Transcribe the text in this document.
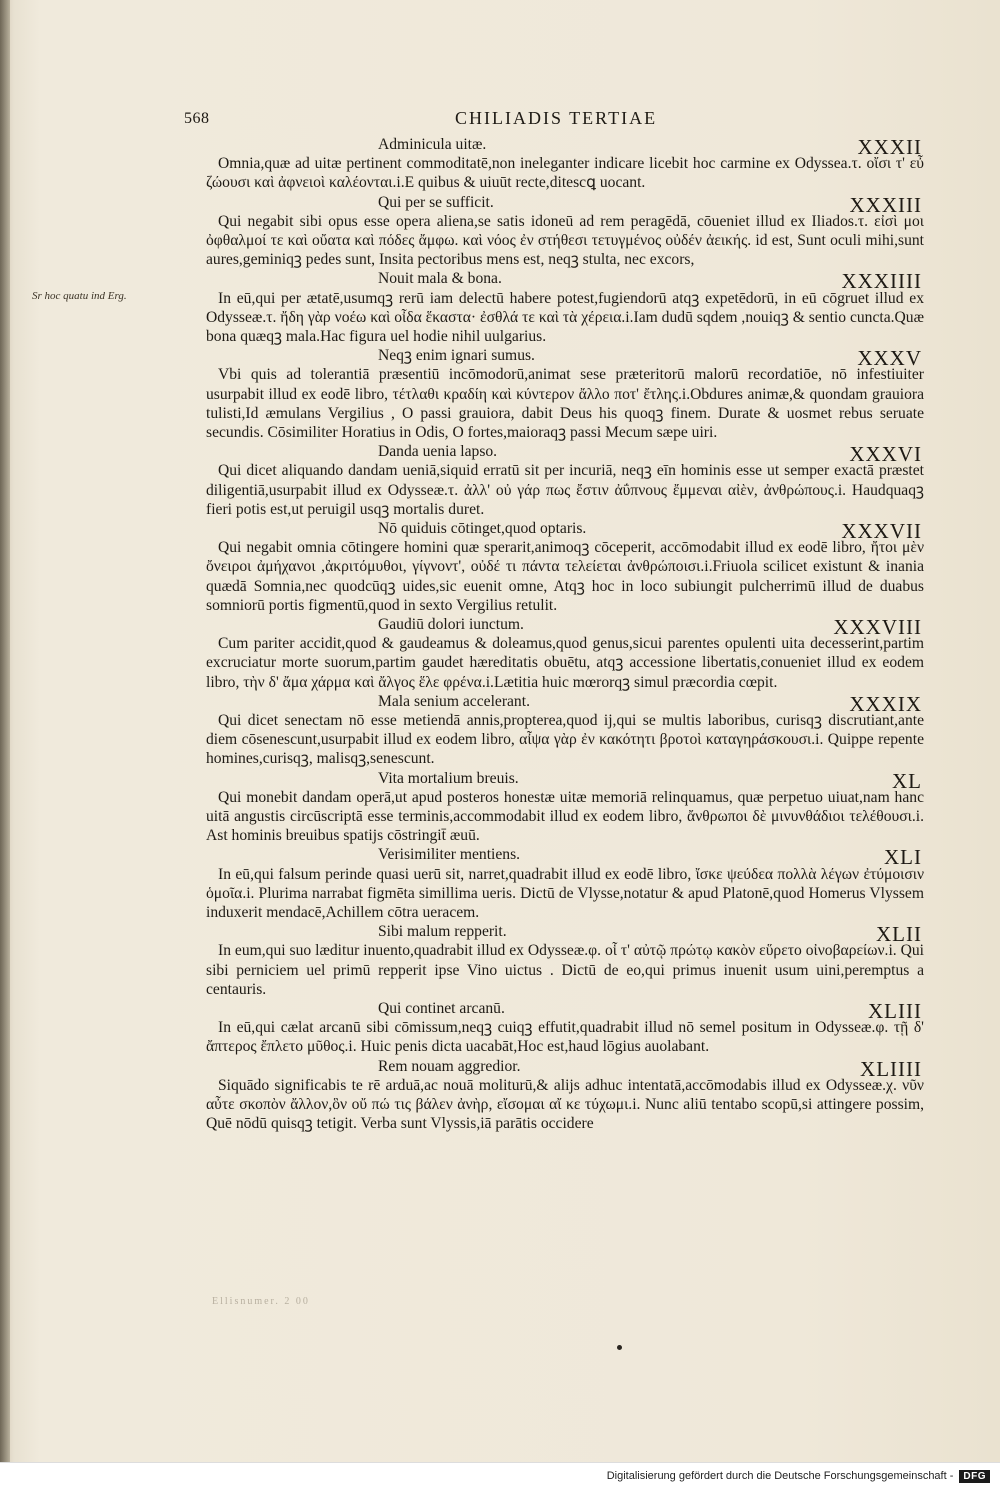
568	CHILIADIS TERTIAE
Sr hoc quatu ind Erg.
Adminicula uitæ.	XXXII
Omnia,quæ ad uitæ pertinent commoditatē,non ineleganter indicare licebit hoc carmine ex Odyssea.τ. οἴσι τ' εὖ ζώουσι καὶ ἀφνειοὶ καλέονται.i.E quibus & uiuūt recte,ditescꝗ uocant.
Qui per se sufficit.	XXXIII
Qui negabit sibi opus esse opera aliena,se satis idoneū ad rem peragēdā, cōueniet illud ex Iliados.τ. εἰσὶ μοι ὀφθαλμοί τε καὶ οὔατα καὶ πόδες ἄμφω. καὶ νόος ἐν στήθεσι τετυγμένος οὐδέν ἀεικής. id est, Sunt oculi mihi,sunt aures,geminiqꝫ pedes sunt, Insita pectoribus mens est, neqꝫ stulta, nec excors,
Nouit mala & bona.	XXXIIII
In eū,qui per ætatē,usumqꝫ rerū iam delectū habere potest,fugiendorū atqꝫ expetēdorū, in eū cōgruet illud ex Odysseæ.τ. ἤδη γὰρ νοέω καὶ οἶδα ἕκαστα· ἐσθλά τε καὶ τὰ χέρεια.i.Iam dudū sqdem ,nouiqꝫ & sentio cuncta.Quæ bona quæqꝫ mala.Hac figura uel hodie nihil uulgarius.
Neqꝫ enim ignari sumus.	XXXV
Vbi quis ad tolerantiā præsentiū incōmodorū,animat sese præteritorū malorū recordatiōe, nō infestiuiter usurpabit illud ex eodē libro, τέτλαθι κραδίη καὶ κύντερον ἄλλο ποτ' ἔτλης.i.Obdures animæ,& quondam grauiora tulisti,Id æmulans Vergilius , O passi grauiora, dabit Deus his quoqꝫ finem. Durate & uosmet rebus seruate secundis. Cōsimiliter Horatius in Odis, O fortes,maioraqꝫ passi Mecum sæpe uiri.
Danda uenia lapso.	XXXVI
Qui dicet aliquando dandam ueniā,siquid erratū sit per incuriā, neqꝫ eīn hominis esse ut semper exactā præstet diligentiā,usurpabit illud ex Odysseæ.τ. ἀλλ' οὐ γάρ πως ἔστιν ἀΰπνους ἔμμεναι αἰὲν, ἀνθρώπους.i. Haudquaqꝫ fieri potis est,ut peruigil usqꝫ mortalis duret.
Nō quiduis cōtinget,quod optaris.	XXXVII
Qui negabit omnia cōtingere homini quæ sperarit,animoqꝫ cōceperit, accōmodabit illud ex eodē libro, ἤτοι μὲν ὄνειροι ἀμήχανοι ,ἀκριτόμυθοι, γίγνοντ', οὐδέ τι πάντα τελείεται ἀνθρώποισι.i.Friuola scilicet existunt & inania quædā Somnia,nec quodcūqꝫ uides,sic euenit omne, Atqꝫ hoc in loco subiungit pulcherrimū illud de duabus somniorū portis figmentū,quod in sexto Vergilius retulit.
Gaudiū dolori iunctum.	XXXVIII
Cum pariter accidit,quod & gaudeamus & doleamus,quod genus,sicui parentes opulenti uita decesserint,partim excruciatur morte suorum,partim gaudet hæreditatis obuētu, atqꝫ accessione libertatis,conueniet illud ex eodem libro, τὴν δ' ἄμα χάρμα καὶ ἄλγος ἕλε φρένα.i.Lætitia huic mœrorqꝫ simul præcordia cœpit.
Mala senium accelerant.	XXXIX
Qui dicet senectam nō esse metiendā annis,propterea,quod ij,qui se multis laboribus, curisqꝫ discrutiant,ante diem cōsenescunt,usurpabit illud ex eodem libro, αἶψα γὰρ ἐν κακότητι βροτοὶ καταγηράσκουσι.i. Quippe repente homines,curisqꝫ, malisqꝫ,senescunt.
Vita mortalium breuis.	XL
Qui monebit dandam operā,ut apud posteros honestæ uitæ memoriā relinquamus, quæ perpetuo uiuat,nam hanc uitā angustis circūscriptā esse terminis,accommodabit illud ex eodem libro, ἄνθρωποι δὲ μινυνθάδιοι τελέθουσι.i. Ast hominis breuibus spatijs cōstringit̄ æuū.
Verisimiliter mentiens.	XLI
In eū,qui falsum perinde quasi uerū sit, narret,quadrabit illud ex eodē libro, ἴσκε ψεύδεα πολλὰ λέγων ἐτύμοισιν ὁμοῖα.i. Plurima narrabat figmēta simillima ueris. Dictū de Vlysse,notatur & apud Platonē,quod Homerus Vlyssem induxerit mendacē,Achillem cōtra ueracem.
Sibi malum repperit.	XLII
In eum,qui suo læditur inuento,quadrabit illud ex Odysseæ.φ. οἷ τ' αὐτῷ πρώτῳ κακὸν εὕρετο οἰνοβαρείων.i. Qui sibi perniciem uel primū repperit ipse Vino uictus . Dictū de eo,qui primus inuenit usum uini,peremptus a centauris.
Qui continet arcanū.	XLIII
In eū,qui cælat arcanū sibi cōmissum,neqꝫ cuiqꝫ effutit,quadrabit illud nō semel positum in Odysseæ.φ. τῇ δ' ἄπτερος ἔπλετο μῦθος.i. Huic penis dicta uacabāt,Hoc est,haud lōgius auolabant.
Rem nouam aggredior.	XLIIII
Siquādo significabis te rē arduā,ac nouā moliturū,& alijs adhuc intentatā,accōmodabis illud ex Odysseæ.χ. νῦν αὖτε σκοπὸν ἄλλον,ὃν οὔ πώ τις βάλεν ἀνὴρ, εἴσομαι αἴ κε τύχωμι.i. Nunc aliū tentabo scopū,si attingere possim, Quē nōdū quisqꝫ tetigit. Verba sunt Vlyssis,iā parātis occidere
Ellisnumer. 2 00
Digitalisierung gefördert durch die Deutsche Forschungsgemeinschaft -	DFG
